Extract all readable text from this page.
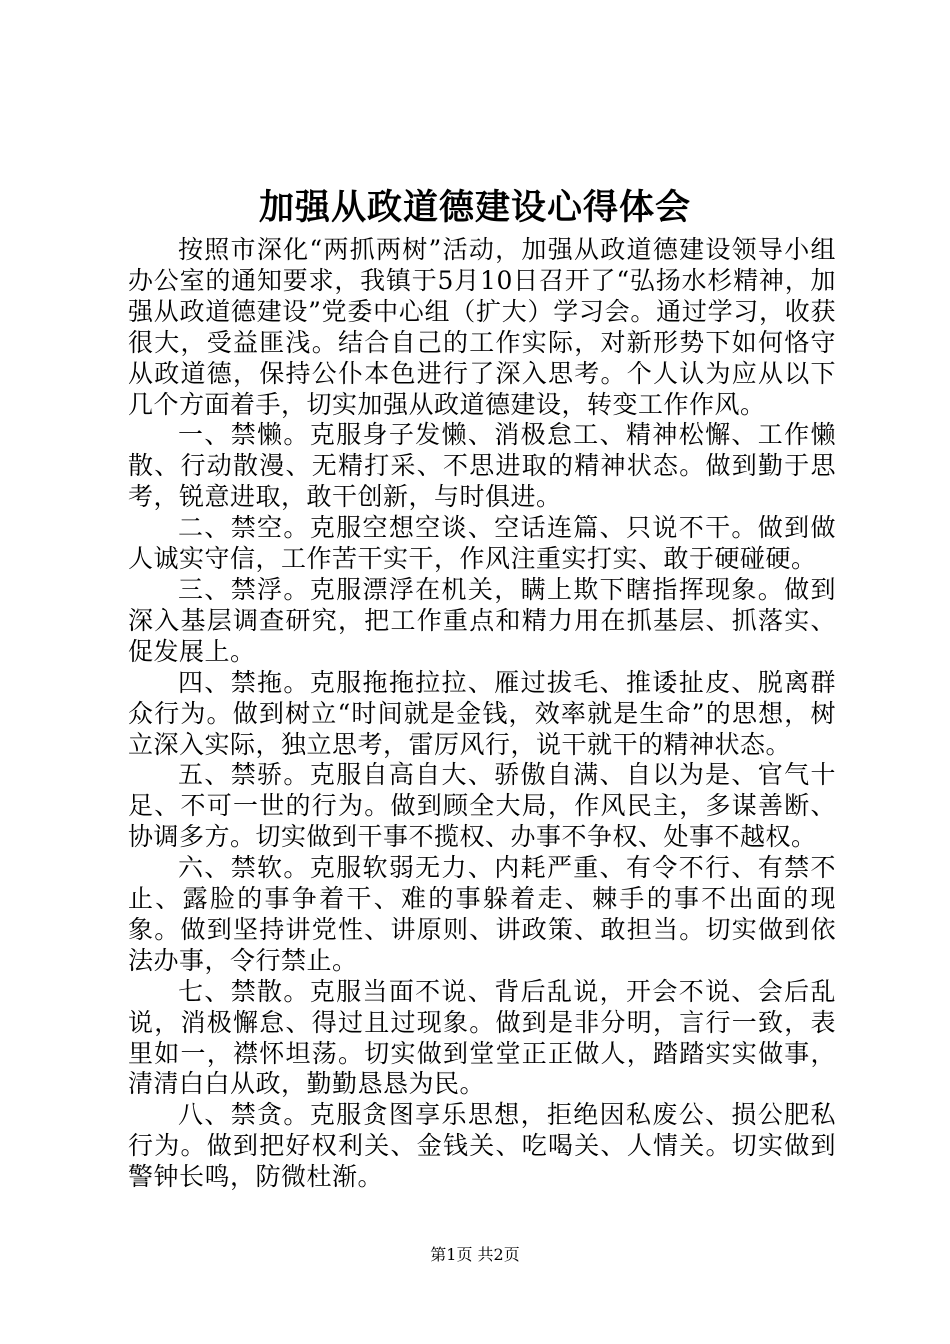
加强从政道德建设心得体会

按照市深化“两抓两树”活动，加强从政道德建设领导小组办公室的通知要求，我镇于5月10日召开了“弘扬水杉精神，加强从政道德建设”党委中心组（扩大）学习会。通过学习，收获很大，受益匪浅。结合自己的工作实际，对新形势下如何恪守从政道德，保持公仆本色进行了深入思考。个人认为应从以下几个方面着手，切实加强从政道德建设，转变工作作风。

一、禁懒。克服身子发懒、消极怠工、精神松懈、工作懒散、行动散漫、无精打采、不思进取的精神状态。做到勤于思考，锐意进取，敢干创新，与时俱进。

二、禁空。克服空想空谈、空话连篇、只说不干。做到做人诚实守信，工作苦干实干，作风注重实打实、敢于硬碰硬。

三、禁浮。克服漂浮在机关，瞒上欺下瞎指挥现象。做到深入基层调查研究，把工作重点和精力用在抓基层、抓落实、促发展上。

四、禁拖。克服拖拖拉拉、雁过拔毛、推诿扯皮、脱离群众行为。做到树立“时间就是金钱，效率就是生命”的思想，树立深入实际，独立思考，雷厉风行，说干就干的精神状态。

五、禁骄。克服自高自大、骄傲自满、自以为是、官气十足、不可一世的行为。做到顾全大局，作风民主，多谋善断、协调多方。切实做到干事不揽权、办事不争权、处事不越权。

六、禁软。克服软弱无力、内耗严重、有令不行、有禁不止、露脸的事争着干、难的事躲着走、棘手的事不出面的现象。做到坚持讲党性、讲原则、讲政策、敢担当。切实做到依法办事，令行禁止。

七、禁散。克服当面不说、背后乱说，开会不说、会后乱说，消极懈怠、得过且过现象。做到是非分明，言行一致，表里如一，襟怀坦荡。切实做到堂堂正正做人，踏踏实实做事，清清白白从政，勤勤恳恳为民。

八、禁贪。克服贪图享乐思想，拒绝因私废公、损公肥私行为。做到把好权利关、金钱关、吃喝关、人情关。切实做到警钟长鸣，防微杜渐。

第1页 共2页
